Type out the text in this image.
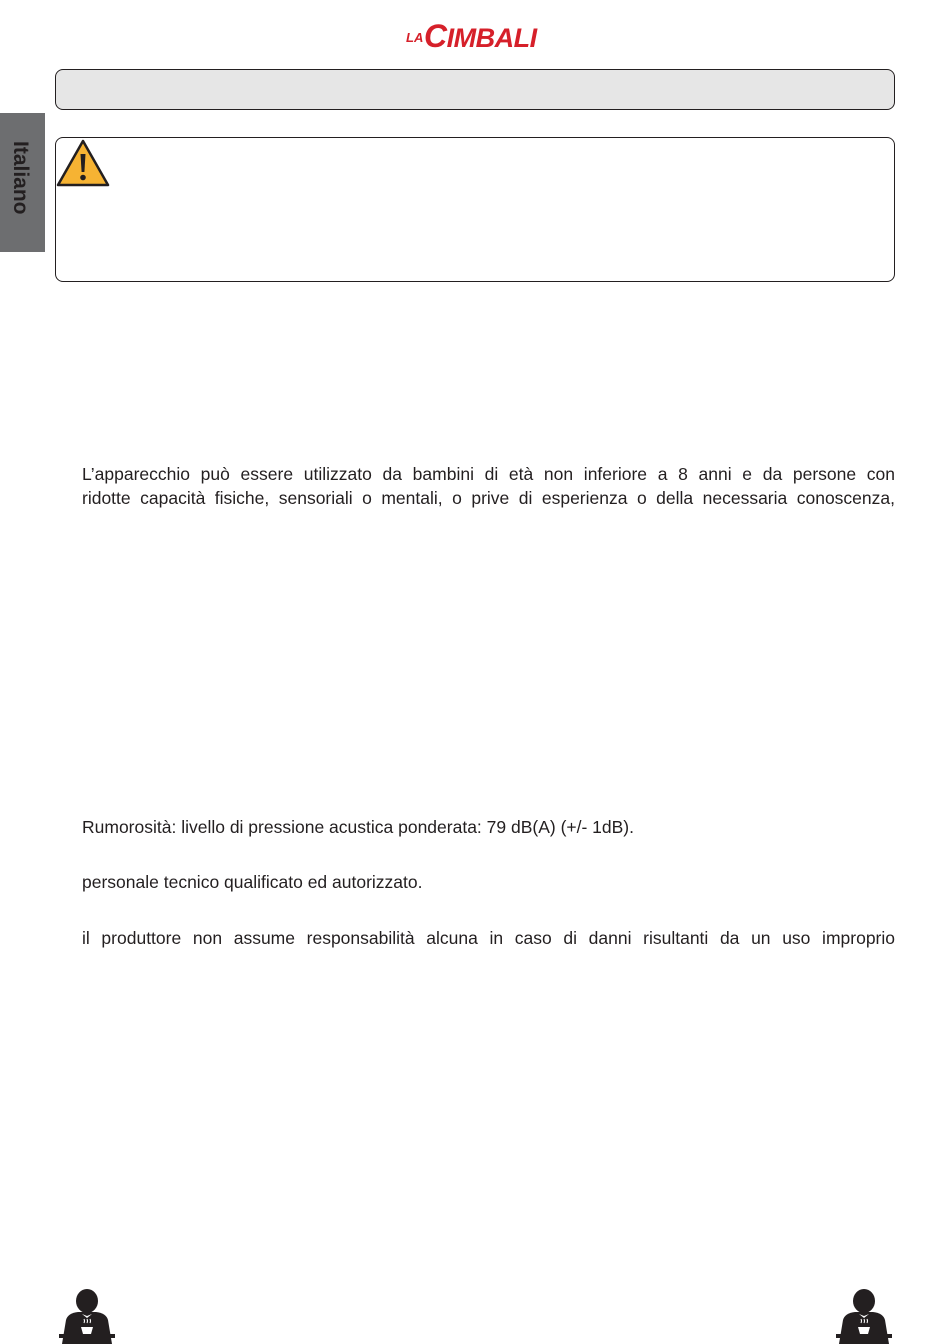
LA CIMBALI
Italiano

L’apparecchio può essere utilizzato da bambini di età non inferiore a 8 anni e da persone con

ridotte capacità fisiche, sensoriali o mentali, o prive di esperienza o della necessaria conoscenza,

Rumorosità: livello di pressione acustica ponderata: 79 dB(A) (+/- 1dB).

personale tecnico qualificato ed autorizzato.

il produttore non assume responsabilità alcuna in caso di danni risultanti da un uso improprio
